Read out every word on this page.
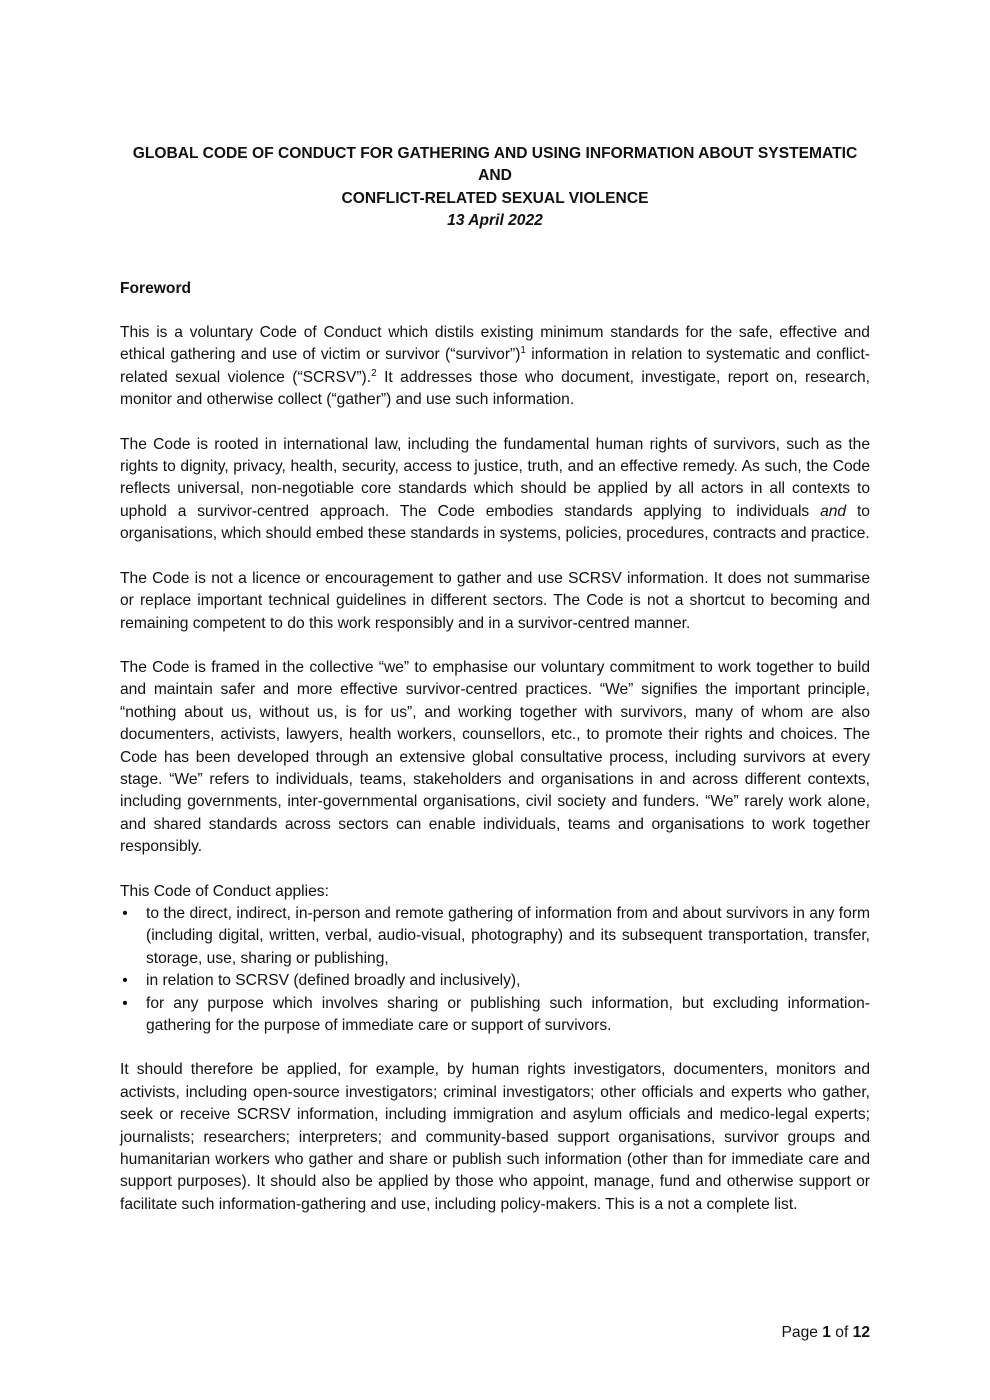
GLOBAL CODE OF CONDUCT FOR GATHERING AND USING INFORMATION ABOUT SYSTEMATIC AND
CONFLICT-RELATED SEXUAL VIOLENCE
13 April 2022
Foreword

This is a voluntary Code of Conduct which distils existing minimum standards for the safe, effective and ethical gathering and use of victim or survivor (“survivor”)$^1$ information in relation to systematic and conflict-related sexual violence (“SCRSV”).$^2$ It addresses those who document, investigate, report on, research, monitor and otherwise collect (“gather”) and use such information.

The Code is rooted in international law, including the fundamental human rights of survivors, such as the rights to dignity, privacy, health, security, access to justice, truth, and an effective remedy. As such, the Code reflects universal, non-negotiable core standards which should be applied by all actors in all contexts to uphold a survivor-centred approach. The Code embodies standards applying to individuals and to organisations, which should embed these standards in systems, policies, procedures, contracts and practice.

The Code is not a licence or encouragement to gather and use SCRSV information. It does not summarise or replace important technical guidelines in different sectors. The Code is not a shortcut to becoming and remaining competent to do this work responsibly and in a survivor-centred manner.

The Code is framed in the collective “we” to emphasise our voluntary commitment to work together to build and maintain safer and more effective survivor-centred practices. “We” signifies the important principle, “nothing about us, without us, is for us”, and working together with survivors, many of whom are also documenters, activists, lawyers, health workers, counsellors, etc., to promote their rights and choices. The Code has been developed through an extensive global consultative process, including survivors at every stage. “We” refers to individuals, teams, stakeholders and organisations in and across different contexts, including governments, inter-governmental organisations, civil society and funders. “We” rarely work alone, and shared standards across sectors can enable individuals, teams and organisations to work together responsibly.

This Code of Conduct applies:

• to the direct, indirect, in-person and remote gathering of information from and about survivors in any form (including digital, written, verbal, audio-visual, photography) and its subsequent transportation, transfer, storage, use, sharing or publishing,
• in relation to SCRSV (defined broadly and inclusively),
• for any purpose which involves sharing or publishing such information, but excluding information-gathering for the purpose of immediate care or support of survivors.

It should therefore be applied, for example, by human rights investigators, documenters, monitors and activists, including open-source investigators; criminal investigators; other officials and experts who gather, seek or receive SCRSV information, including immigration and asylum officials and medico-legal experts; journalists; researchers; interpreters; and community-based support organisations, survivor groups and humanitarian workers who gather and share or publish such information (other than for immediate care and support purposes). It should also be applied by those who appoint, manage, fund and otherwise support or facilitate such information-gathering and use, including policy-makers. This is a not a complete list.

Page 1 of 12
